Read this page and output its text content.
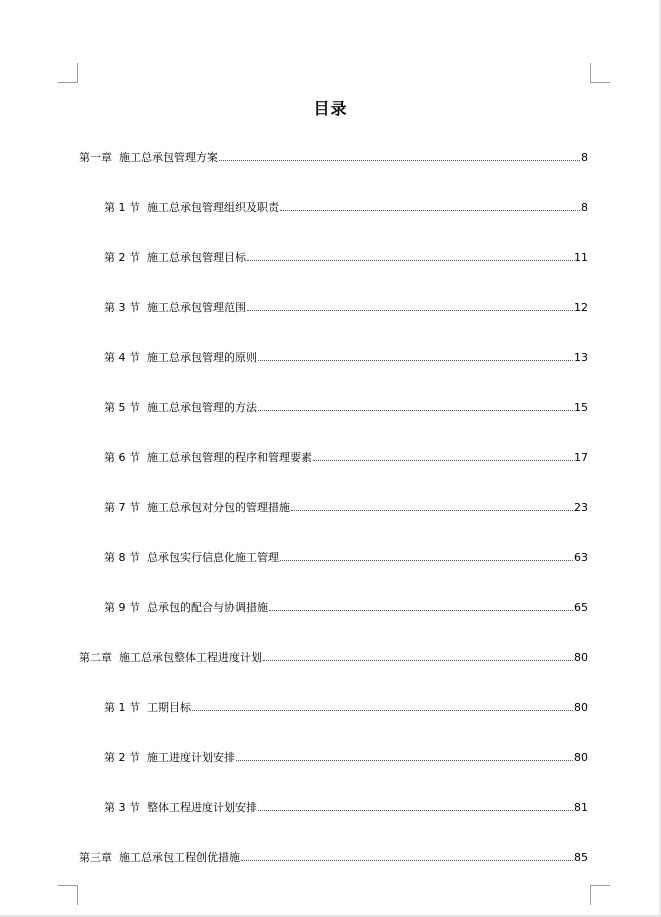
目录
第一章 施工总承包管理方案	8
第 1 节 施工总承包管理组织及职责	8
第 2 节 施工总承包管理目标	11
第 3 节 施工总承包管理范围	12
第 4 节 施工总承包管理的原则	13
第 5 节 施工总承包管理的方法	15
第 6 节 施工总承包管理的程序和管理要素	17
第 7 节 施工总承包对分包的管理措施	23
第 8 节 总承包实行信息化施工管理	63
第 9 节 总承包的配合与协调措施	65
第二章 施工总承包整体工程进度计划	80
第 1 节 工期目标	80
第 2 节 施工进度计划安排	80
第 3 节 整体工程进度计划安排	81
第三章 施工总承包工程创优措施	85
